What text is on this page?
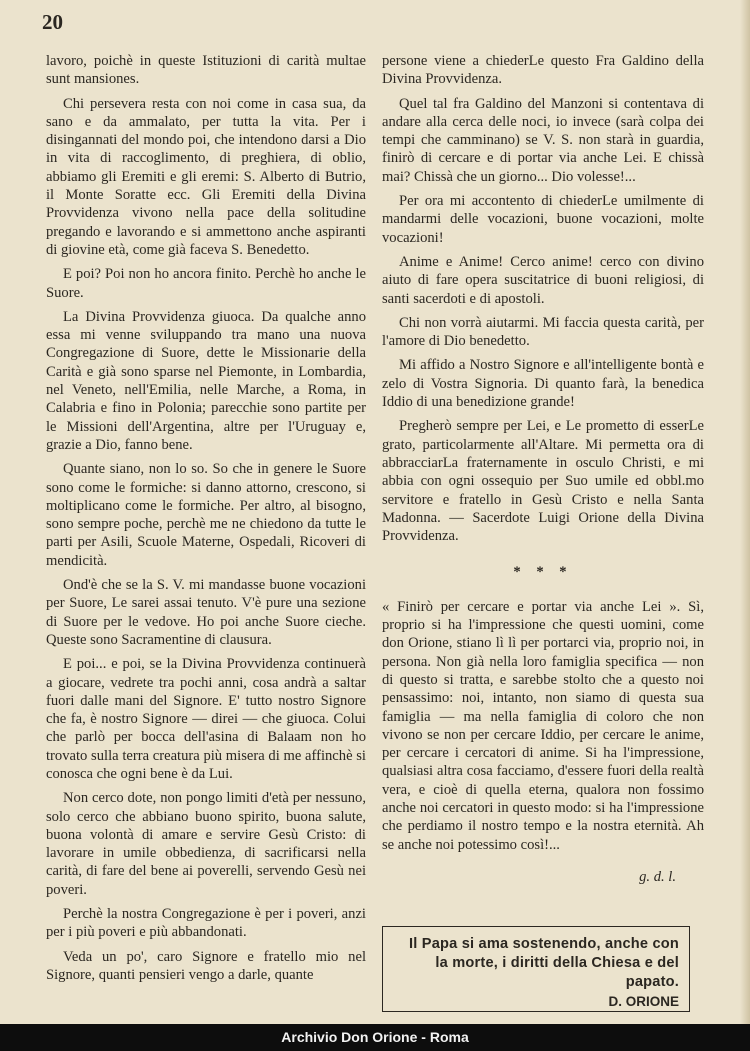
20

lavoro, poichè in queste Istituzioni di carità multae sunt mansiones.

Chi persevera resta con noi come in casa sua, da sano e da ammalato, per tutta la vita. Per i disingannati del mondo poi, che intendono darsi a Dio in vita di raccoglimento, di preghiera, di oblio, abbiamo gli Eremiti e gli eremi: S. Alberto di Butrio, il Monte Soratte ecc. Gli Eremiti della Divina Provvidenza vivono nella pace della solitudine pregando e lavorando e si ammettono anche aspiranti di giovine età, come già faceva S. Benedetto.

E poi? Poi non ho ancora finito. Perchè ho anche le Suore.

La Divina Provvidenza giuoca. Da qualche anno essa mi venne sviluppando tra mano una nuova Congregazione di Suore, dette le Missionarie della Carità e già sono sparse nel Piemonte, in Lombardia, nel Veneto, nell'Emilia, nelle Marche, a Roma, in Calabria e fino in Polonia; parecchie sono partite per le Missioni dell'Argentina, altre per l'Uruguay e, grazie a Dio, fanno bene.

Quante siano, non lo so. So che in genere le Suore sono come le formiche: si danno attorno, crescono, si moltiplicano come le formiche. Per altro, al bisogno, sono sempre poche, perchè me ne chiedono da tutte le parti per Asili, Scuole Materne, Ospedali, Ricoveri di mendicità.

Ond'è che se la S. V. mi mandasse buone vocazioni per Suore, Le sarei assai tenuto. V'è pure una sezione di Suore per le vedove. Ho poi anche Suore cieche. Queste sono Sacramentine di clausura.

E poi... e poi, se la Divina Provvidenza continuerà a giocare, vedrete tra pochi anni, cosa andrà a saltar fuori dalle mani del Signore. E' tutto nostro Signore che fa, è nostro Signore — direi — che giuoca. Colui che parlò per bocca dell'asina di Balaam non ho trovato sulla terra creatura più misera di me affinchè si conosca che ogni bene è da Lui.

Non cerco dote, non pongo limiti d'età per nessuno, solo cerco che abbiano buono spirito, buona salute, buona volontà di amare e servire Gesù Cristo: di lavorare in umile obbedienza, di sacrificarsi nella carità, di fare del bene ai poverelli, servendo Gesù nei poveri.

Perchè la nostra Congregazione è per i poveri, anzi per i più poveri e più abbandonati.

Veda un po', caro Signore e fratello mio nel Signore, quanti pensieri vengo a darle, quante

persone viene a chiederLe questo Fra Galdino della Divina Provvidenza.

Quel tal fra Galdino del Manzoni si contentava di andare alla cerca delle noci, io invece (sarà colpa dei tempi che camminano) se V. S. non starà in guardia, finirò di cercare e di portar via anche Lei. E chissà mai? Chissà che un giorno... Dio volesse!...

Per ora mi accontento di chiederLe umilmente di mandarmi delle vocazioni, buone vocazioni, molte vocazioni!

Anime e Anime! Cerco anime! cerco con divino aiuto di fare opera suscitatrice di buoni religiosi, di santi sacerdoti e di apostoli.

Chi non vorrà aiutarmi. Mi faccia questa carità, per l'amore di Dio benedetto.

Mi affido a Nostro Signore e all'intelligente bontà e zelo di Vostra Signoria. Di quanto farà, la benedica Iddio di una benedizione grande!

Pregherò sempre per Lei, e Le prometto di esserLe grato, particolarmente all'Altare. Mi permetta ora di abbracciarLa fraternamente in osculo Christi, e mi abbia con ogni ossequio per Suo umile ed obbl.mo servitore e fratello in Gesù Cristo e nella Santa Madonna. — Sacerdote Luigi Orione della Divina Provvidenza.

* * *

« Finirò per cercare e portar via anche Lei ». Sì, proprio si ha l'impressione che questi uomini, come don Orione, stiano lì lì per portarci via, proprio noi, in persona. Non già nella loro famiglia specifica — non di questo si tratta, e sarebbe stolto che a questo noi pensassimo: noi, intanto, non siamo di questa sua famiglia — ma nella famiglia di coloro che non vivono se non per cercare Iddio, per cercare le anime, per cercare i cercatori di anime. Si ha l'impressione, qualsiasi altra cosa facciamo, d'essere fuori della realtà vera, e cioè di quella eterna, qualora non fossimo anche noi cercatori in questo modo: si ha l'impressione che perdiamo il nostro tempo e la nostra eternità. Ah se anche noi potessimo così!...

g. d. l.
Il Papa si ama sostenendo, anche con la morte, i diritti della Chiesa e del papato.
D. ORIONE
Archivio Don Orione - Roma
